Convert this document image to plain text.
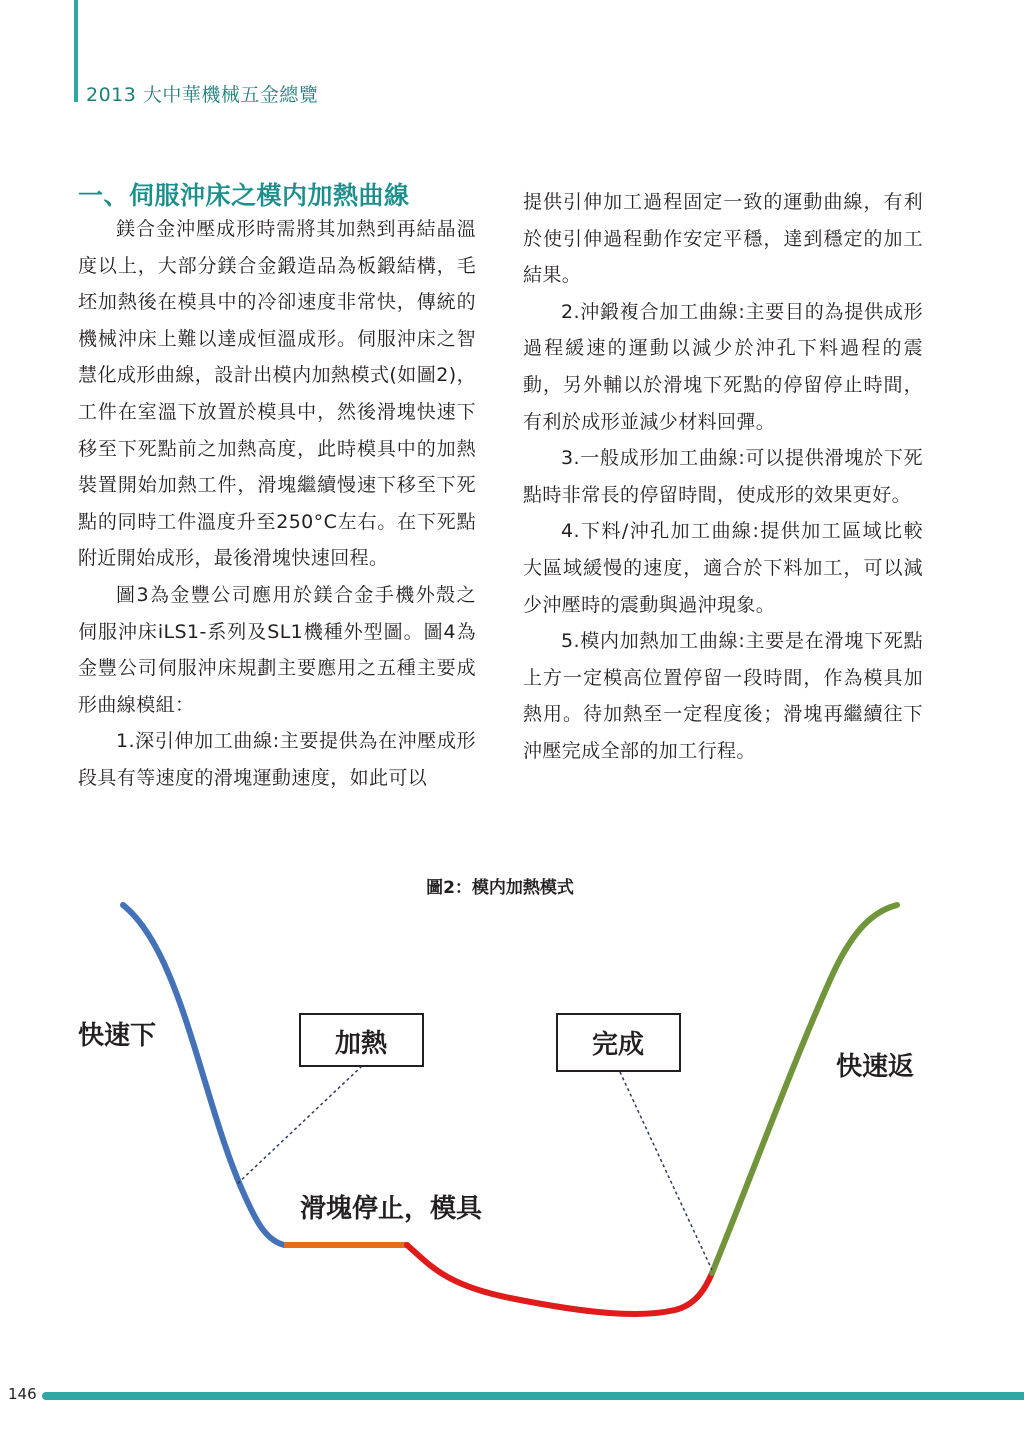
2013 大中華機械五金總覽
一、伺服沖床之模内加熱曲線

鎂合金沖壓成形時需將其加熱到再結晶溫度以上，大部分鎂合金鍛造品為板鍛結構，毛坯加熱後在模具中的冷卻速度非常快，傳統的機械沖床上難以達成恒溫成形。伺服沖床之智慧化成形曲線，設計出模内加熱模式(如圖2)，工件在室溫下放置於模具中，然後滑塊快速下移至下死點前之加熱高度，此時模具中的加熱裝置開始加熱工件，滑塊繼續慢速下移至下死點的同時工件溫度升至250°C左右。在下死點附近開始成形，最後滑塊快速回程。

圖3為金豐公司應用於鎂合金手機外殼之伺服沖床iLS1-系列及SL1機種外型圖。圖4為金豐公司伺服沖床規劃主要應用之五種主要成形曲線模組：

1.深引伸加工曲線:主要提供為在沖壓成形段具有等速度的滑塊運動速度，如此可以

提供引伸加工過程固定一致的運動曲線，有利於使引伸過程動作安定平穩，達到穩定的加工結果。

2.沖鍛複合加工曲線:主要目的為提供成形過程緩速的運動以減少於沖孔下料過程的震動，另外輔以於滑塊下死點的停留停止時間，有利於成形並減少材料回彈。

3.一般成形加工曲線:可以提供滑塊於下死點時非常長的停留時間，使成形的效果更好。

4.下料/沖孔加工曲線:提供加工區域比較大區域緩慢的速度，適合於下料加工，可以減少沖壓時的震動與過沖現象。

5.模内加熱加工曲線:主要是在滑塊下死點上方一定模高位置停留一段時間，作為模具加熱用。待加熱至一定程度後；滑塊再繼續往下沖壓完成全部的加工行程。

圖2：模内加熱模式
快速下	加熱	完成
快速返
滑塊停止，模具
146
